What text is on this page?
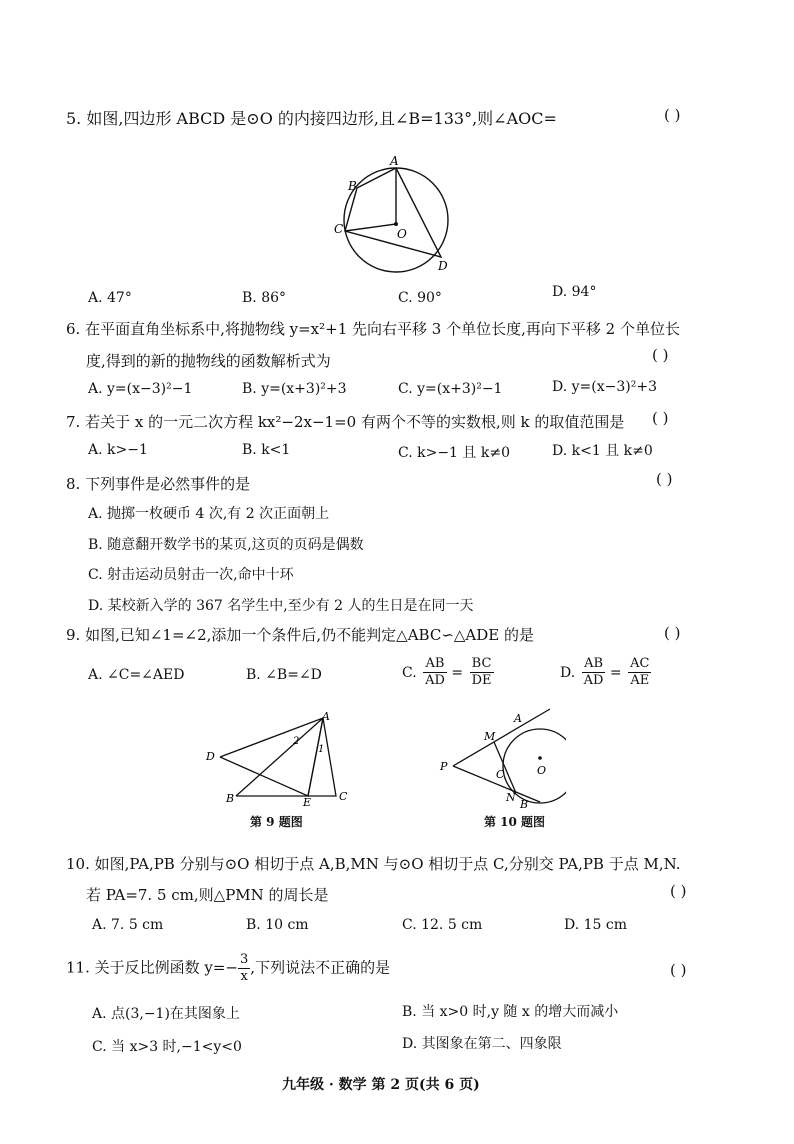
5. 如图,四边形 ABCD 是⊙O 的内接四边形,且∠B=133°,则∠AOC=	( )
A
B
C
D
O
A. 47°	B. 86°	C. 90°	D. 94°
6. 在平面直角坐标系中,将抛物线 y=x²+1 先向右平移 3 个单位长度,再向下平移 2 个单位长
度,得到的新的抛物线的函数解析式为	( )
A. y=(x−3)²−1	B. y=(x+3)²+3	C. y=(x+3)²−1	D. y=(x−3)²+3
7. 若关于 x 的一元二次方程 kx²−2x−1=0 有两个不等的实数根,则 k 的取值范围是 ( )
A. k>−1	B. k<1	C. k>−1 且 k≠0	D. k<1 且 k≠0
8. 下列事件是必然事件的是	( )
A. 抛掷一枚硬币 4 次,有 2 次正面朝上
B. 随意翻开数学书的某页,这页的页码是偶数
C. 射击运动员射击一次,命中十环
D. 某校新入学的 367 名学生中,至少有 2 人的生日是在同一天
9. 如图,已知∠1=∠2,添加一个条件后,仍不能判定△ABC∽△ADE 的是	( )
A. ∠C=∠AED	B. ∠B=∠D	C. $\frac{AB}{AD} = \frac{BC}{DE}$	D. $\frac{AB}{AD} = \frac{AC}{AE}$
A
B	C
D
E
1
2
第 9 题图
P
M
A
C
N
B
O
第 10 题图
10. 如图,PA,PB 分别与⊙O 相切于点 A,B,MN 与⊙O 相切于点 C,分别交 PA,PB 于点 M,N.
若 PA=7. 5 cm,则△PMN 的周长是	( )
A. 7. 5 cm	B. 10 cm	C. 12. 5 cm	D. 15 cm
11. 关于反比例函数 $y=- \frac{3}{x}$ ,下列说法不正确的是	( )
A. 点(3,−1)在其图象上	B. 当 x>0 时,y 随 x 的增大而减小
C. 当 x>3 时,−1<y<0	D. 其图象在第二、四象限
九年级 · 数学 第 2 页(共 6 页)
